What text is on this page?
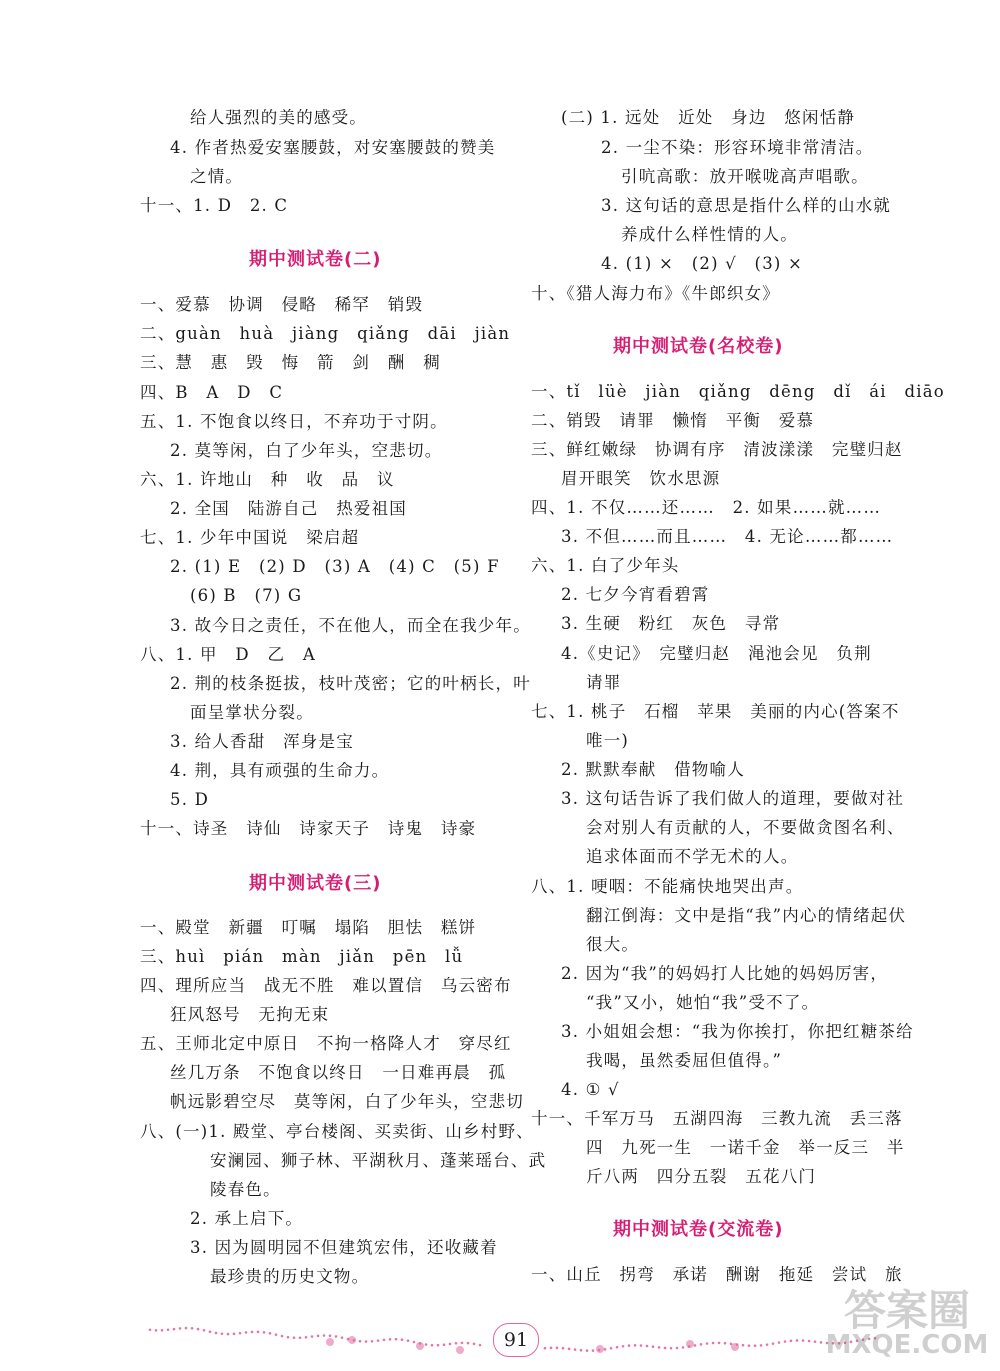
给人强烈的美的感受。
4. 作者热爱安塞腰鼓，对安塞腰鼓的赞美
之情。
十一、1. D　2. C
期中测试卷(二)
一、爱慕　协调　侵略　稀罕　销毁
二、guàn　huà　jiàng　qiǎng　dāi　jiàn
三、慧　惠　毁　悔　箭　剑　酬　稠
四、B　A　D　C
五、1. 不饱食以终日，不弃功于寸阴。
2. 莫等闲，白了少年头，空悲切。
六、1. 许地山　种　收　品　议
2. 全国　陆游自己　热爱祖国
七、1. 少年中国说　梁启超
2. (1) E　(2) D　(3) A　(4) C　(5) F
(6) B　(7) G
3. 故今日之责任，不在他人，而全在我少年。
八、1. 甲　D　乙　A
2. 荆的枝条挺拔，枝叶茂密；它的叶柄长，叶
面呈掌状分裂。
3. 给人香甜　浑身是宝
4. 荆，具有顽强的生命力。
5. D
十一、诗圣　诗仙　诗家天子　诗鬼　诗豪
期中测试卷(三)
一、殿堂　新疆　叮嘱　塌陷　胆怯　糕饼
三、huì　pián　màn　jiǎn　pēn　lǚ
四、理所应当　战无不胜　难以置信　乌云密布
狂风怒号　无拘无束
五、王师北定中原日　不拘一格降人才　穿尽红
丝几万条　不饱食以终日　一日难再晨　孤
帆远影碧空尽　莫等闲，白了少年头，空悲切
八、(一)1. 殿堂、亭台楼阁、买卖街、山乡村野、
安澜园、狮子林、平湖秋月、蓬莱瑶台、武
陵春色。
2. 承上启下。
3. 因为圆明园不但建筑宏伟，还收藏着
最珍贵的历史文物。
(二) 1. 远处　近处　身边　悠闲恬静
2. 一尘不染：形容环境非常清洁。
引吭高歌：放开喉咙高声唱歌。
3. 这句话的意思是指什么样的山水就
养成什么样性情的人。
4. (1) ×　(2) √　(3) ×
十、《猎人海力布》《牛郎织女》
期中测试卷(名校卷)
一、tǐ　lüè　jiàn　qiǎng　dēng　dǐ　ái　diāo
二、销毁　请罪　懒惰　平衡　爱慕
三、鲜红嫩绿　协调有序　清波漾漾　完璧归赵
眉开眼笑　饮水思源
四、1. 不仅……还……　2. 如果……就……
3. 不但……而且……　4. 无论……都……
六、1. 白了少年头
2. 七夕今宵看碧霄
3. 生硬　粉红　灰色　寻常
4.《史记》　完璧归赵　渑池会见　负荆
请罪
七、1. 桃子　石榴　苹果　美丽的内心(答案不
唯一)
2. 默默奉献　借物喻人
3. 这句话告诉了我们做人的道理，要做对社
会对别人有贡献的人，不要做贪图名利、
追求体面而不学无术的人。
八、1. 哽咽：不能痛快地哭出声。
翻江倒海：文中是指“我”内心的情绪起伏
很大。
2. 因为“我”的妈妈打人比她的妈妈厉害，
“我”又小，她怕“我”受不了。
3. 小姐姐会想：“我为你挨打，你把红糖茶给
我喝，虽然委屈但值得。”
4. ① √
十一、千军万马　五湖四海　三教九流　丢三落
四　九死一生　一诺千金　举一反三　半
斤八两　四分五裂　五花八门
期中测试卷(交流卷)
一、山丘　拐弯　承诺　酬谢　拖延　尝试　旅
91
答案圈
MXQE.COM
